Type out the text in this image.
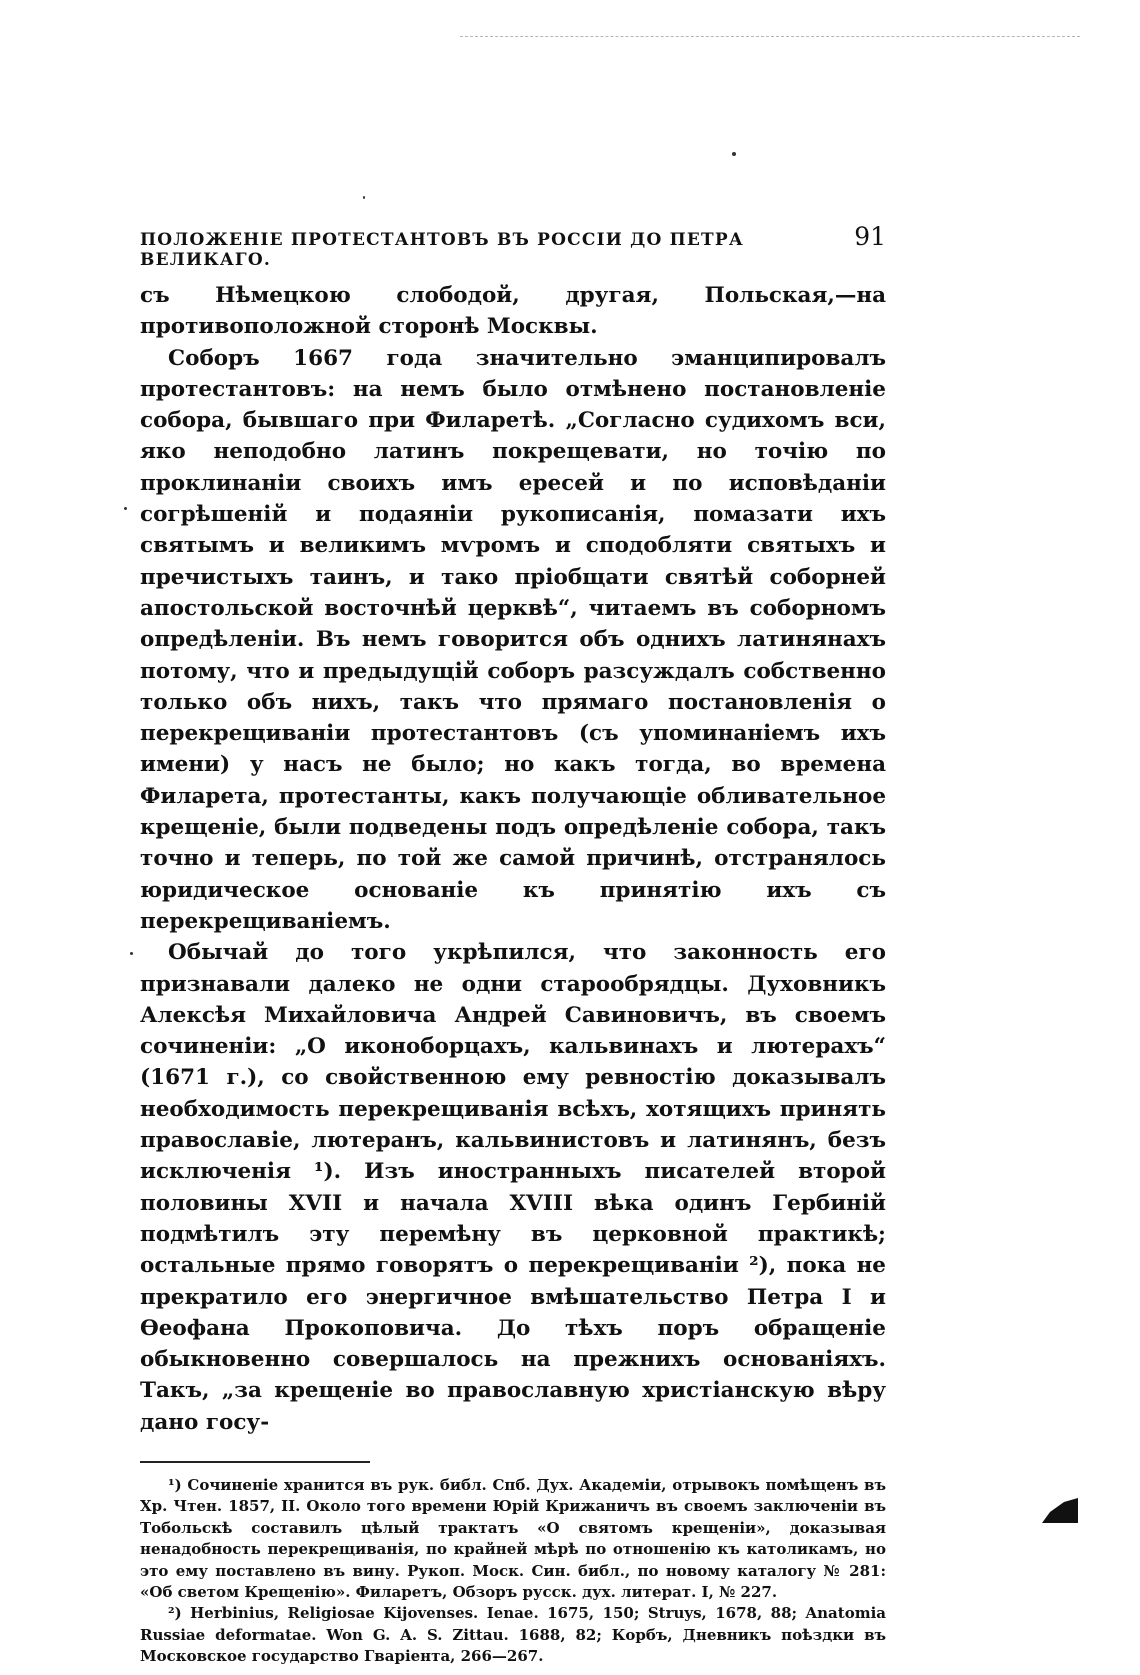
ПОЛОЖЕНІЕ ПРОТЕСТАНТОВЪ ВЪ РОССІИ ДО ПЕТРА ВЕЛИКАГО.
91

съ Нѣмецкою слободой, другая, Польская,—на противоположной сторонѣ Москвы.

Соборъ 1667 года значительно эманципировалъ протестантовъ: на немъ было отмѣнено постановленіе собора, бывшаго при Филаретѣ. „Согласно судихомъ вси, яко неподобно латинъ покрещевати, но точію по проклинаніи своихъ имъ ересей и по исповѣданіи согрѣшеній и подаяніи рукописанія, помазати ихъ святымъ и великимъ мѵромъ и сподобляти святыхъ и пречистыхъ таинъ, и тако пріобщати святѣй соборней апостольской восточнѣй церквѣ“, читаемъ въ соборномъ опредѣленіи. Въ немъ говорится объ однихъ латинянахъ потому, что и предыдущій соборъ разсуждалъ собственно только объ нихъ, такъ что прямаго постановленія о перекрещиваніи протестантовъ (съ упоминаніемъ ихъ имени) у насъ не было; но какъ тогда, во времена Филарета, протестанты, какъ получающіе обливательное крещеніе, были подведены подъ опредѣленіе собора, такъ точно и теперь, по той же самой причинѣ, отстранялось юридическое основаніе къ принятію ихъ съ перекрещиваніемъ.

Обычай до того укрѣпился, что законность его признавали далеко не одни старообрядцы. Духовникъ Алексѣя Михайловича Андрей Савиновичъ, въ своемъ сочиненіи: „О иконоборцахъ, кальвинахъ и лютерахъ“ (1671 г.), со свойственною ему ревностію доказывалъ необходимость перекрещиванія всѣхъ, хотящихъ принять православіе, лютеранъ, кальвинистовъ и латинянъ, безъ исключенія ¹). Изъ иностранныхъ писателей второй половины XVII и начала XVIII вѣка одинъ Гербиній подмѣтилъ эту перемѣну въ церковной практикѣ; остальные прямо говорятъ о перекрещиваніи ²), пока не прекратило его энергичное вмѣшательство Петра I и Ѳеофана Прокоповича. До тѣхъ поръ обращеніе обыкновенно совершалось на прежнихъ основаніяхъ. Такъ, „за крещеніе во православную христіанскую вѣру дано госу-

¹) Сочиненіе хранится въ рук. библ. Спб. Дух. Академіи, отрывокъ помѣщенъ въ Хр. Чтен. 1857, II. Около того времени Юрій Крижаничъ въ своемъ заключеніи въ Тобольскѣ составилъ цѣлый трактатъ «О святомъ крещеніи», доказывая ненадобность перекрещиванія, по крайней мѣрѣ по отношенію къ католикамъ, но это ему поставлено въ вину. Рукоп. Моск. Син. библ., по новому каталогу № 281: «Об светом Крещенію». Филаретъ, Обзоръ русск. дух. литерат. I, № 227.

²) Herbinius, Religiosae Kijovenses. Ienae. 1675, 150; Struys, 1678, 88; Anatomia Russiae deformatae. Won G. A. S. Zittau. 1688, 82; Корбъ, Дневникъ поѣздки въ Московское государство Гваріента, 266—267.
